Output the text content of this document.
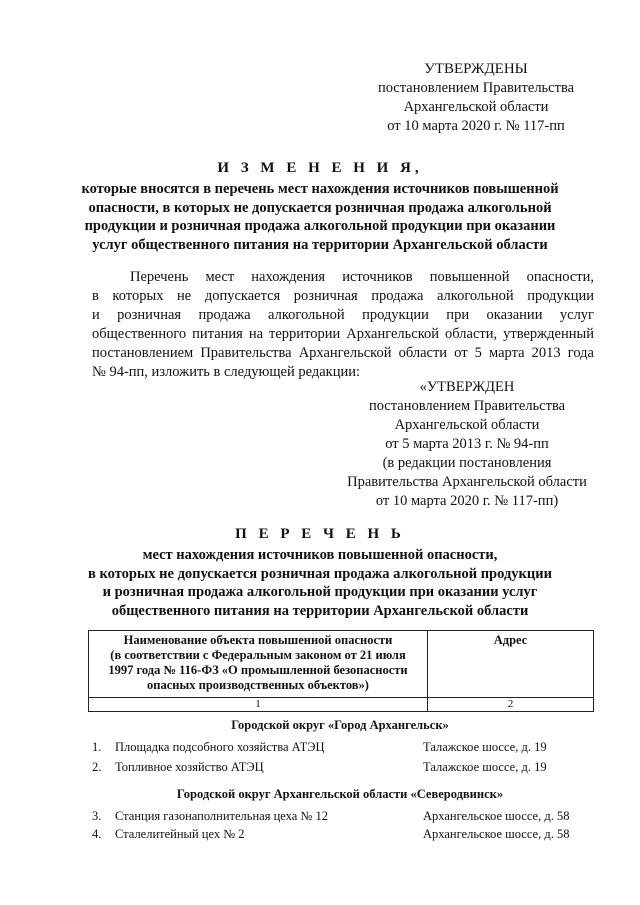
УТВЕРЖДЕНЫ
постановлением Правительства
Архангельской области
от 10 марта 2020 г. № 117-пп
И З М Е Н Е Н И Я,
которые вносятся в перечень мест нахождения источников повышенной
опасности, в которых не допускается розничная продажа алкогольной
продукции и розничная продажа алкогольной продукции при оказании
услуг общественного питания на территории Архангельской области
Перечень мест нахождения источников повышенной опасности,
в которых не допускается розничная продажа алкогольной продукции
и розничная продажа алкогольной продукции при оказании услуг
общественного питания на территории Архангельской области, утвержденный
постановлением Правительства Архангельской области от 5 марта 2013 года
№ 94-пп, изложить в следующей редакции:
«УТВЕРЖДЕН
постановлением Правительства
Архангельской области
от 5 марта 2013 г. № 94-пп
(в редакции постановления
Правительства Архангельской области
от 10 марта 2020 г. № 117-пп)
П Е Р Е Ч Е Н Ь
мест нахождения источников повышенной опасности,
в которых не допускается розничная продажа алкогольной продукции
и розничная продажа алкогольной продукции при оказании услуг
общественного питания на территории Архангельской области
Наименование объекта повышенной опасности
(в соответствии с Федеральным законом от 21 июля
1997 года № 116-ФЗ «О промышленной безопасности
опасных производственных объектов»)	Адрес
1	2
Городской округ «Город Архангельск»
1. Площадка подсобного хозяйства АТЭЦ	Талажское шоссе, д. 19
2. Топливное хозяйство АТЭЦ	Талажское шоссе, д. 19
Городской округ Архангельской области «Северодвинск»
3. Станция газонаполнительная цеха № 12	Архангельское шоссе, д. 58
4. Сталелитейный цех № 2	Архангельское шоссе, д. 58
